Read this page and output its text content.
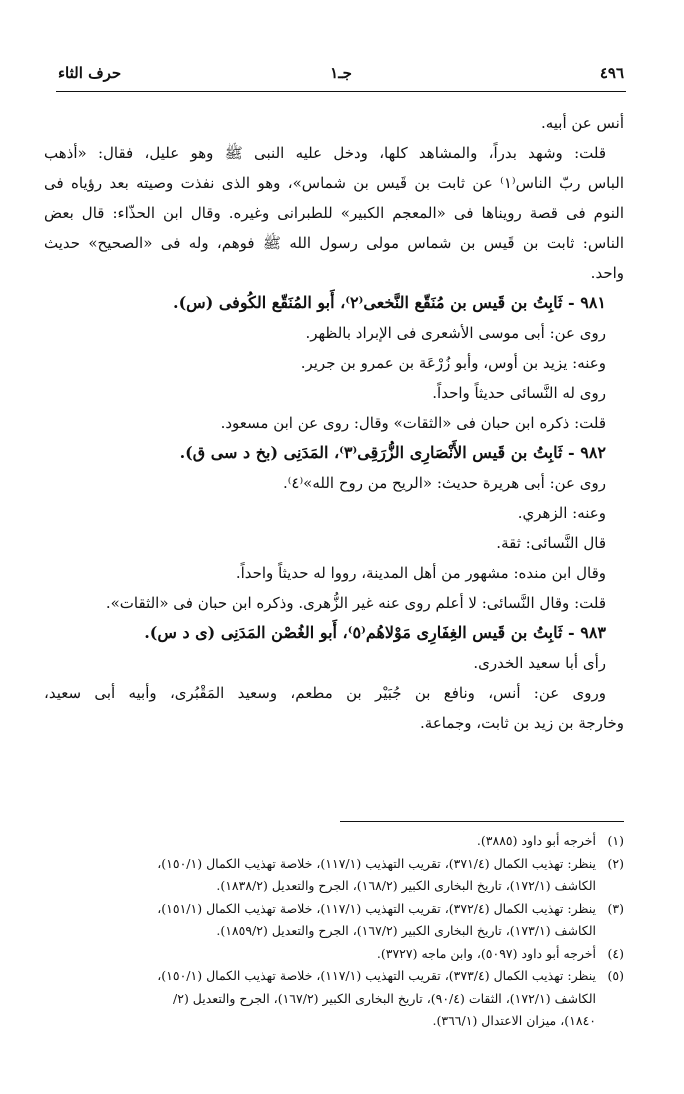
٤٩٦
جـ١
حرف الثاء
أنس عن أبيه.
قلت: وشهد بدراً، والمشاهد كلها، ودخل عليه النبى ﷺ وهو عليل، فقال: «أذهب
الباس ربّ الناس⁽١⁾ عن ثابت بن قَيس بن شماس»، وهو الذى نفذت وصيته بعد رؤياه فى
النوم فى قصة رويناها فى «المعجم الكبير» للطبرانى وغيره. وقال ابن الحذّاء: قال بعض
الناس: ثابت بن قَيس بن شماس مولى رسول الله ﷺ فوهم، وله فى «الصحيح» حديث
واحد.
٩٨١ - ثَابِتُ بن قَيس بن مُنَقّع النَّخعى⁽٢⁾، أَبو المُنَقّع الكُوفى (س).
روى عن: أبى موسى الأشعرى فى الإبراد بالظهر.
وعنه: يزيد بن أوس، وأبو زُرْعَة بن عمرو بن جرير.
روى له النَّسائى حديثاً واحداً.
قلت: ذكره ابن حبان فى «الثقات» وقال: روى عن ابن مسعود.
٩٨٢ - ثَابِتُ بن قَيس الأَنْصَارِى الزُّرَقِى⁽٣⁾، المَدَنِى (بخ د سى ق).
روى عن: أبى هريرة حديث: «الريح من روح الله»⁽٤⁾.
وعنه: الزهري.
قال النَّسائى: ثقة.
وقال ابن منده: مشهور من أهل المدينة، رووا له حديثاً واحداً.
قلت: وقال النَّسائى: لا أعلم روى عنه غير الزُّهرى. وذكره ابن حبان فى «الثقات».
٩٨٣ - ثَابِتُ بن قَيس الغِفَارِى مَوْلاهُم⁽٥⁾، أَبو الغُصْن المَدَنِى (ى د س).
رأى أبا سعيد الخدرى.
وروى عن: أنس، ونافع بن جُبَيْر بن مطعم، وسعيد المَقْبُرى، وأبيه أبى سعيد،
وخارجة بن زيد بن ثابت، وجماعة.
(١)أخرجه أبو داود (٣٨٨٥).
(٢)ينظر: تهذيب الكمال (٣٧١/٤)، تقريب التهذيب (١١٧/١)، خلاصة تهذيب الكمال (١٥٠/١)،
الكاشف (١٧٢/١)، تاريخ البخارى الكبير (١٦٨/٢)، الجرح والتعديل (١٨٣٨/٢).
(٣)ينظر: تهذيب الكمال (٣٧٢/٤)، تقريب التهذيب (١١٧/١)، خلاصة تهذيب الكمال (١٥١/١)،
الكاشف (١٧٣/١)، تاريخ البخارى الكبير (١٦٧/٢)، الجرح والتعديل (١٨٥٩/٢).
(٤)أخرجه أبو داود (٥٠٩٧)، وابن ماجه (٣٧٢٧).
(٥)ينظر: تهذيب الكمال (٣٧٣/٤)، تقريب التهذيب (١١٧/١)، خلاصة تهذيب الكمال (١٥٠/١)،
الكاشف (١٧٢/١)، الثقات (٩٠/٤)، تاريخ البخارى الكبير (١٦٧/٢)، الجرح والتعديل (٢/
١٨٤٠)، ميزان الاعتدال (٣٦٦/١).
